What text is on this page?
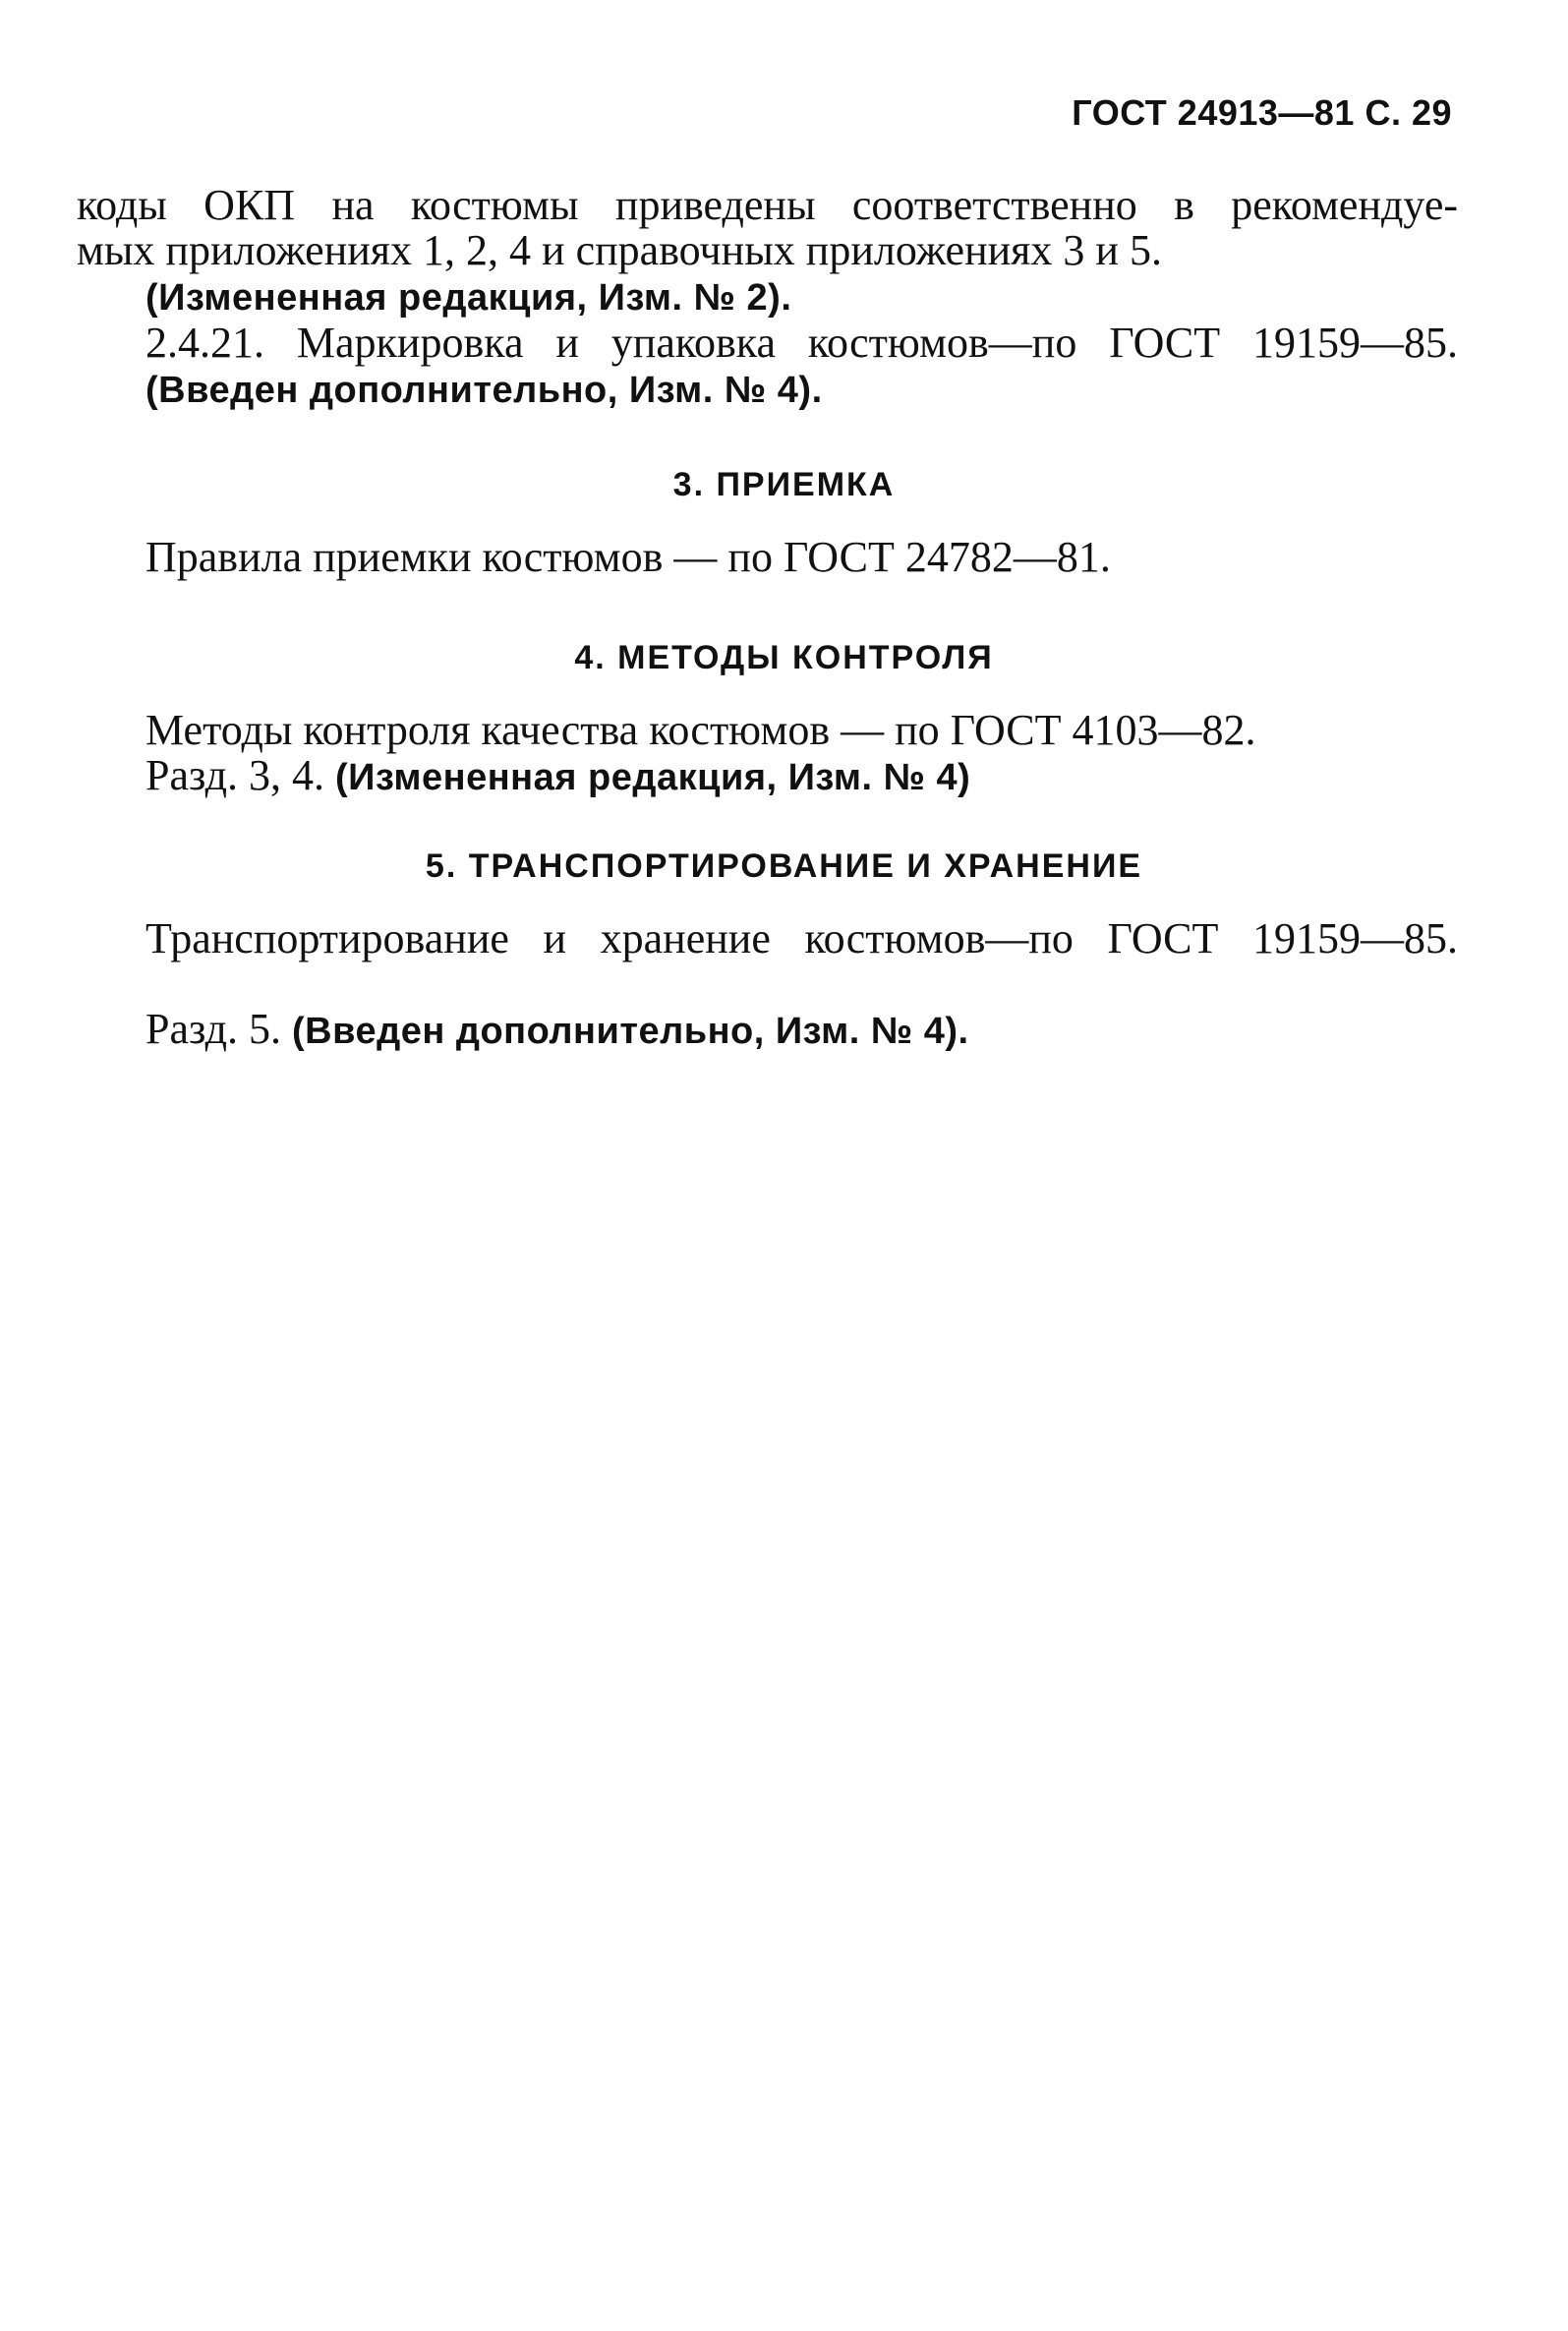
ГОСТ 24913—81 С. 29
коды ОКП на костюмы приведены соответственно в рекомендуе-
мых приложениях 1, 2, 4 и справочных приложениях 3 и 5.
(Измененная редакция, Изм. № 2).
2.4.21. Маркировка и упаковка костюмов—по ГОСТ 19159—85.
(Введен дополнительно, Изм. № 4).
3. ПРИЕМКА
Правила приемки костюмов — по ГОСТ 24782—81.
4. МЕТОДЫ КОНТРОЛЯ
Методы контроля качества костюмов — по ГОСТ 4103—82.
Разд. 3, 4. (Измененная редакция, Изм. № 4)
5. ТРАНСПОРТИРОВАНИЕ И ХРАНЕНИЕ
Транспортирование и хранение костюмов—по ГОСТ 19159—85.
Разд. 5. (Введен дополнительно, Изм. № 4).
